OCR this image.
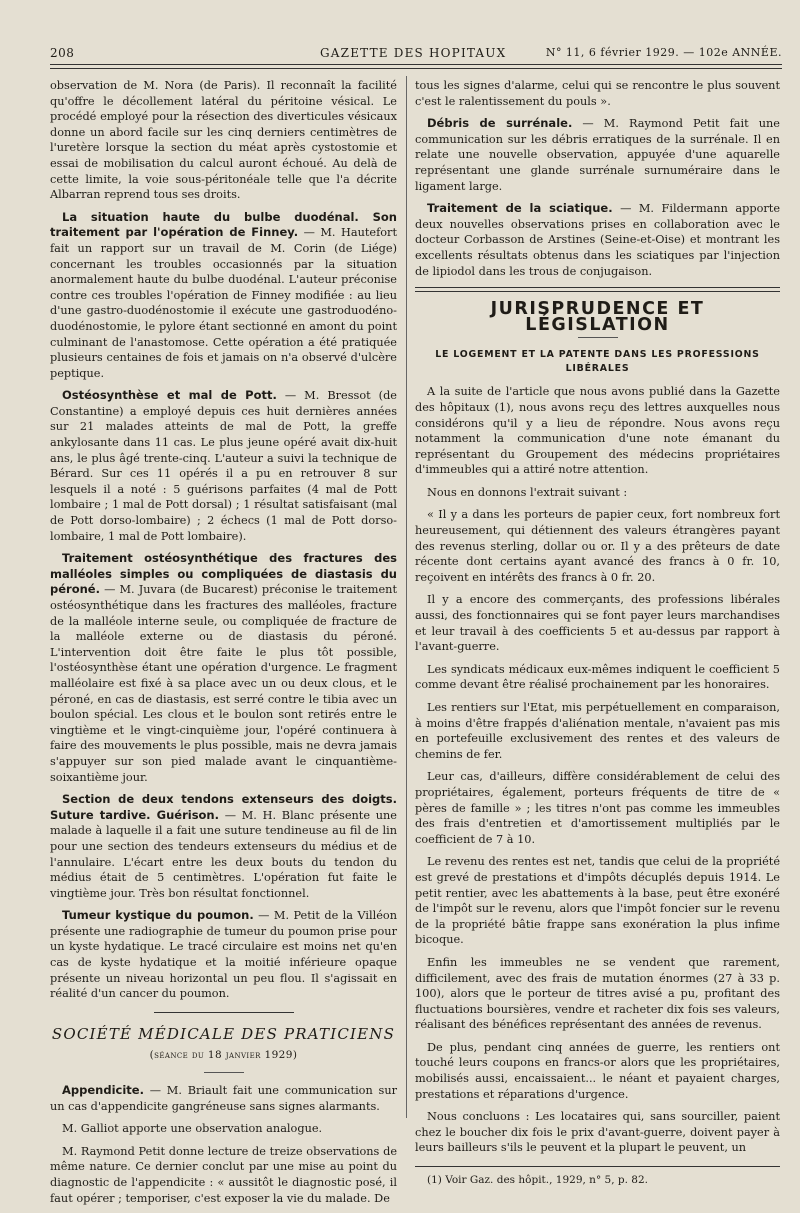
208	GAZETTE DES HOPITAUX	N° 11, 6 février 1929. — 102e ANNÉE.

observation de M. Nora (de Paris). Il reconnaît la facilité qu'offre le décollement latéral du péritoine vésical. Le procédé employé pour la résection des diverticules vésicaux donne un abord facile sur les cinq derniers centimètres de l'uretère lorsque la section du méat après cystostomie et essai de mobilisation du calcul auront échoué. Au delà de cette limite, la voie sous-péritonéale telle que l'a décrite Albarran reprend tous ses droits.

La situation haute du bulbe duodénal. Son traitement par l'opération de Finney. — M. Hautefort fait un rapport sur un travail de M. Corin (de Liége) concernant les troubles occasionnés par la situation anormalement haute du bulbe duodénal. L'auteur préconise contre ces troubles l'opération de Finney modifiée : au lieu d'une gastro-duodénostomie il exécute une gastroduodéno-duodénostomie, le pylore étant sectionné en amont du point culminant de l'anastomose. Cette opération a été pratiquée plusieurs centaines de fois et jamais on n'a observé d'ulcère peptique.

Ostéosynthèse et mal de Pott. — M. Bressot (de Constantine) a employé depuis ces huit dernières années sur 21 malades atteints de mal de Pott, la greffe ankylosante dans 11 cas. Le plus jeune opéré avait dix-huit ans, le plus âgé trente-cinq. L'auteur a suivi la technique de Bérard. Sur ces 11 opérés il a pu en retrouver 8 sur lesquels il a noté : 5 guérisons parfaites (4 mal de Pott lombaire ; 1 mal de Pott dorsal) ; 1 résultat satisfaisant (mal de Pott dorso-lombaire) ; 2 échecs (1 mal de Pott dorso-lombaire, 1 mal de Pott lombaire).

Traitement ostéosynthétique des fractures des malléoles simples ou compliquées de diastasis du péroné. — M. Juvara (de Bucarest) préconise le traitement ostéosynthétique dans les fractures des malléoles, fracture de la malléole interne seule, ou compliquée de fracture de la malléole externe ou de diastasis du péroné. L'intervention doit être faite le plus tôt possible, l'ostéosynthèse étant une opération d'urgence. Le fragment malléolaire est fixé à sa place avec un ou deux clous, et le péroné, en cas de diastasis, est serré contre le tibia avec un boulon spécial. Les clous et le boulon sont retirés entre le vingtième et le vingt-cinquième jour, l'opéré continuera à faire des mouvements le plus possible, mais ne devra jamais s'appuyer sur son pied malade avant le cinquantième-soixantième jour.

Section de deux tendons extenseurs des doigts. Suture tardive. Guérison. — M. H. Blanc présente une malade à laquelle il a fait une suture tendineuse au fil de lin pour une section des tendeurs extenseurs du médius et de l'annulaire. L'écart entre les deux bouts du tendon du médius était de 5 centimètres. L'opération fut faite le vingtième jour. Très bon résultat fonctionnel.

Tumeur kystique du poumon. — M. Petit de la Villéon présente une radiographie de tumeur du poumon prise pour un kyste hydatique. Le tracé circulaire est moins net qu'en cas de kyste hydatique et la moitié inférieure opaque présente un niveau horizontal un peu flou. Il s'agissait en réalité d'un cancer du poumon.

SOCIÉTÉ MÉDICALE DES PRATICIENS
(séance du 18 janvier 1929)

Appendicite. — M. Briault fait une communication sur un cas d'appendicite gangréneuse sans signes alarmants.

M. Galliot apporte une observation analogue.

M. Raymond Petit donne lecture de treize observations de même nature. Ce dernier conclut par une mise au point du diagnostic de l'appendicite : « aussitôt le diagnostic posé, il faut opérer ; temporiser, c'est exposer la vie du malade. De

tous les signes d'alarme, celui qui se rencontre le plus souvent c'est le ralentissement du pouls ».

Débris de surrénale. — M. Raymond Petit fait une communication sur les débris erratiques de la surrénale. Il en relate une nouvelle observation, appuyée d'une aquarelle représentant une glande surrénale surnuméraire dans le ligament large.

Traitement de la sciatique. — M. Fildermann apporte deux nouvelles observations prises en collaboration avec le docteur Corbasson de Arstines (Seine-et-Oise) et montrant les excellents résultats obtenus dans les sciatiques par l'injection de lipiodol dans les trous de conjugaison.

JURISPRUDENCE ET LÉGISLATION
LE LOGEMENT ET LA PATENTE DANS LES PROFESSIONS LIBÉRALES

A la suite de l'article que nous avons publié dans la Gazette des hôpitaux (1), nous avons reçu des lettres auxquelles nous considérons qu'il y a lieu de répondre. Nous avons reçu notamment la communication d'une note émanant du représentant du Groupement des médecins propriétaires d'immeubles qui a attiré notre attention.

Nous en donnons l'extrait suivant :

« Il y a dans les porteurs de papier ceux, fort nombreux fort heureusement, qui détiennent des valeurs étrangères payant des revenus sterling, dollar ou or. Il y a des prêteurs de date récente dont certains ayant avancé des francs à 0 fr. 10, reçoivent en intérêts des francs à 0 fr. 20.

Il y a encore des commerçants, des professions libérales aussi, des fonctionnaires qui se font payer leurs marchandises et leur travail à des coefficients 5 et au-dessus par rapport à l'avant-guerre.

Les syndicats médicaux eux-mêmes indiquent le coefficient 5 comme devant être réalisé prochainement par les honoraires.

Les rentiers sur l'Etat, mis perpétuellement en comparaison, à moins d'être frappés d'aliénation mentale, n'avaient pas mis en portefeuille exclusivement des rentes et des valeurs de chemins de fer.

Leur cas, d'ailleurs, diffère considérablement de celui des propriétaires, également, porteurs fréquents de titre de « pères de famille » ; les titres n'ont pas comme les immeubles des frais d'entretien et d'amortissement multipliés par le coefficient de 7 à 10.

Le revenu des rentes est net, tandis que celui de la propriété est grevé de prestations et d'impôts décuplés depuis 1914. Le petit rentier, avec les abattements à la base, peut être exonéré de l'impôt sur le revenu, alors que l'impôt foncier sur le revenu de la propriété bâtie frappe sans exonération la plus infime bicoque.

Enfin les immeubles ne se vendent que rarement, difficilement, avec des frais de mutation énormes (27 à 33 p. 100), alors que le porteur de titres avisé a pu, profitant des fluctuations boursières, vendre et racheter dix fois ses valeurs, réalisant des bénéfices représentant des années de revenus.

De plus, pendant cinq années de guerre, les rentiers ont touché leurs coupons en francs-or alors que les propriétaires, mobilisés aussi, encaissaient... le néant et payaient charges, prestations et réparations d'urgence.

Nous concluons : Les locataires qui, sans sourciller, paient chez le boucher dix fois le prix d'avant-guerre, doivent payer à leurs bailleurs s'ils le peuvent et la plupart le peuvent, un

(1) Voir Gaz. des hôpit., 1929, n° 5, p. 82.
